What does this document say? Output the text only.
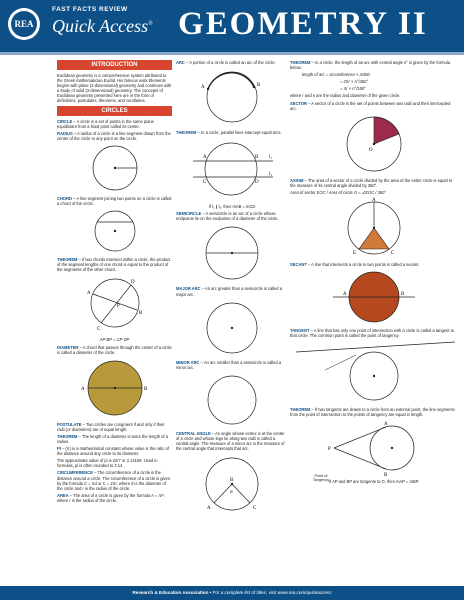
REA
FAST FACTS REVIEW
Quick Access® GEOMETRY II
INTRODUCTION
Euclidean geometry is a comprehensive system attributed to the Greek mathematician Euclid. His famous work Elements begins with plane (2-dimensional) geometry and continues with a study of solid (3-dimensional) geometry. The concepts of Euclidean geometry presented here are in the form of definitions, postulates, theorems, and corollaries.
CIRCLES
CIRCLE – A circle is a set of points in the same plane equidistant from a fixed point called its center.
RADIUS – A radius of a circle is a line segment drawn from the center of the circle to any point on the circle.
CHORD – A line segment joining two points on a circle is called a chord of the circle.
THEOREM – If two chords intersect within a circle, the product of the segment lengths of one chord is equal to the product of the segments of the other chord.
A
B
D
C
P
AP·BP = CP·DP
DIAMETER – A chord that passes through the center of a circle is called a diameter of the circle.
A	B
POSTULATE – Two circles are congruent if and only if their radii (or diameters) are of equal length.
THEOREM – The length of a diameter is twice the length of a radius.
PI – (π) is a mathematical constant whose value is the ratio of the distance around any circle to its diameter.
The approximate value of pi is 22/7 or 3.14159. Used in formulas, pi is often rounded to 3.14.
CIRCUMFERENCE – The circumference of a circle is the distance around a circle. The circumference of a circle is given by the formula C = πd or C = 2πr, where d is the diameter of the circle and r is the radius of the circle.
AREA – The area of a circle is given by the formula A = πr², where r is the radius of the circle.
ARC – A portion of a circle is called an arc of the circle.
A	B
THEOREM – In a circle, parallel lines intercept equal arcs.
l₁
l₂
A	B
C	D
If l₁ ∥ l₂, then mAB = mCD
SEMICIRCLE – A semicircle is an arc of a circle whose endpoints lie on the endpoints of a diameter of the circle.
MAJOR ARC – An arc greater than a semicircle is called a major arc.
MINOR ARC – An arc smaller than a semicircle is called a minor arc.
CENTRAL ANGLE – An angle whose vertex is at the center of a circle and whose legs lie along two radii is called a central angle. The measure of a minor arc is the measure of the central angle that intercepts that arc.
B
α
A	C
THEOREM – In a circle, the length of an arc with central angle n° is given by the formula below.
length of arc = circumference × n/360
= 2πr × n°/360°
= πr × n°/180°
where r and n are the radius and diameter of the given circle.
SECTOR – A sector of a circle is the set of points between two radii and their intercepted arc.
O
AXIOM – The area of a sector of a circle divided by the area of the entire circle is equal to the measure of its central angle divided by 360°.
Area of sector EOC / Area of circle O = ∠EOC / 360°
A
E	C
SECANT – A line that intersects a circle in two points is called a secant.
A	B
TANGENT – A line that has only one point of intersection with a circle is called a tangent to that circle. The common point is called the point of tangency.
Point of Tangency
THEOREM – If two tangents are drawn to a circle from an external point, the line segments from the point of intersection to the points of tangency are equal in length.
P
A
B
If AP and BP are tangents to O, then mAP = mBP.
Research & Education Association • For a complete list of titles, visit www.rea.com/quickaccess
